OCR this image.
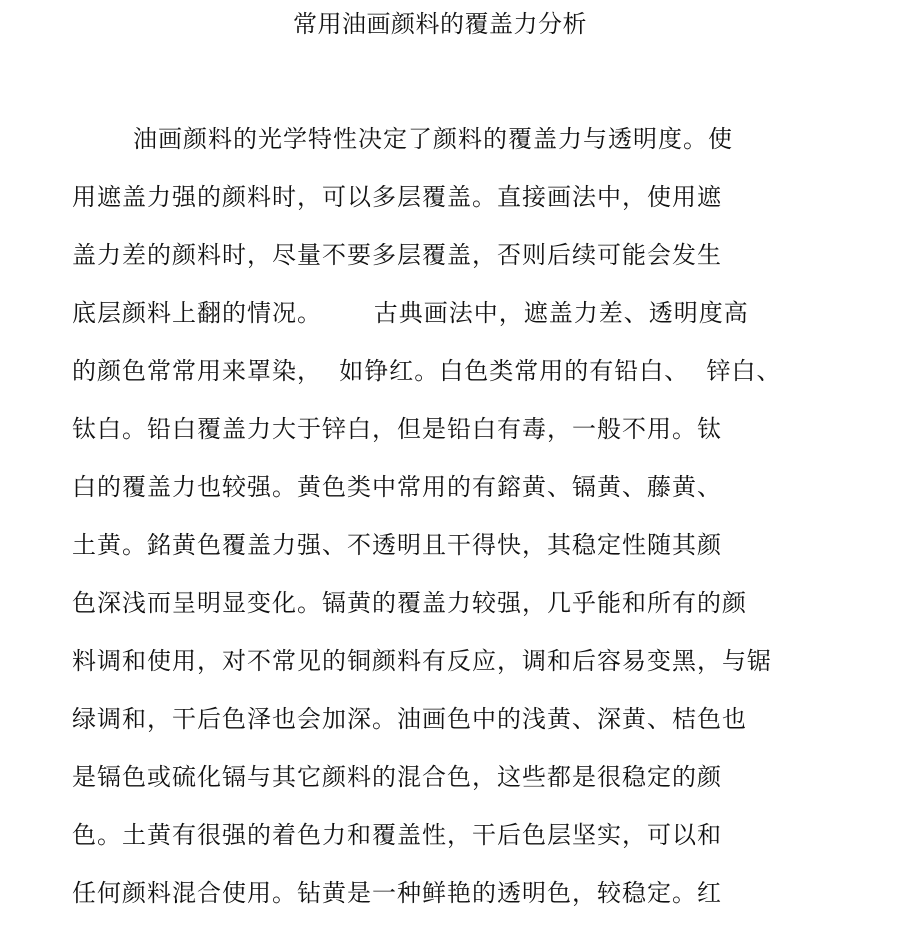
常用油画颜料的覆盖力分析
油画颜料的光学特性决定了颜料的覆盖力与透明度。使
用遮盖力强的颜料时，可以多层覆盖。直接画法中，使用遮
盖力差的颜料时，尽量不要多层覆盖，否则后续可能会发生
底层颜料上翻的情况。      古典画法中，遮盖力差、透明度高
的颜色常常用来罩染，  如铮红。白色类常用的有铅白、  锌白、
钛白。铅白覆盖力大于锌白，但是铅白有毒，一般不用。钛
白的覆盖力也较强。黄色类中常用的有鎔黄、镉黄、藤黄、
土黄。銘黄色覆盖力强、不透明且干得快，其稳定性随其颜
色深浅而呈明显变化。镉黄的覆盖力较强，几乎能和所有的颜
料调和使用，对不常见的铜颜料有反应，调和后容易变黑，与锯
绿调和，干后色泽也会加深。油画色中的浅黄、深黄、桔色也
是镉色或硫化镉与其它颜料的混合色，这些都是很稳定的颜
色。土黄有很强的着色力和覆盖性，干后色层坚实，可以和
任何颜料混合使用。钻黄是一种鲜艳的透明色，较稳定。红
